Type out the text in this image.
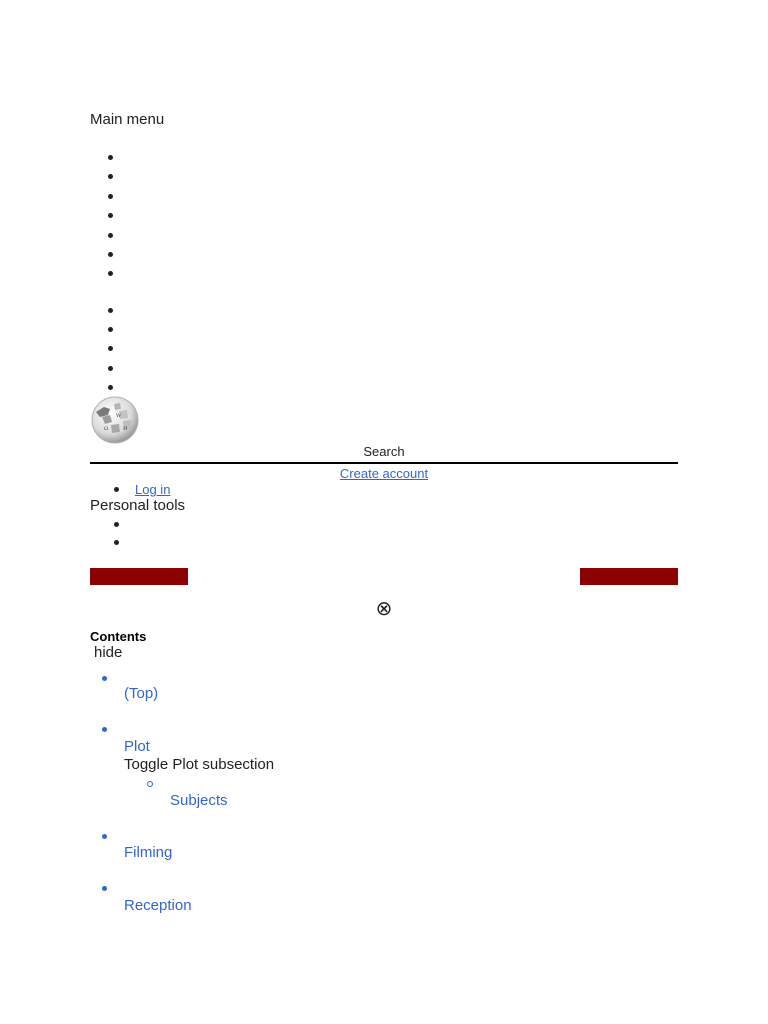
Main menu
W
Ω	И
Search
Create account
Log in
Personal tools
⊗
Contents
hide
(Top)
Plot
Toggle Plot subsection
Subjects
Filming
Reception
